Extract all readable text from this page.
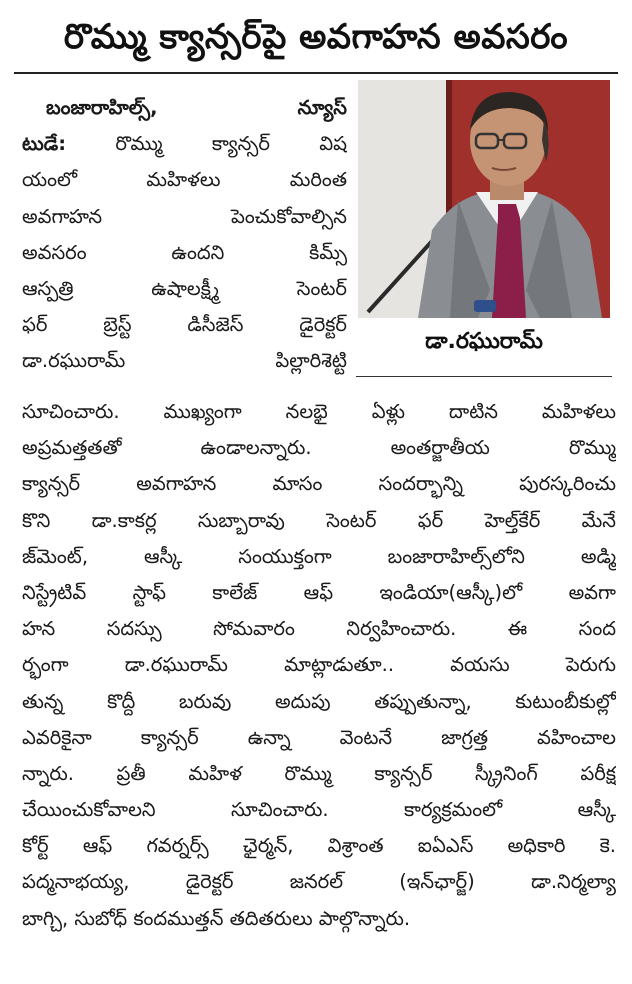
రొమ్ము క్యాన్సర్‌పై అవగాహన అవసరం
డా.రఘురామ్
బంజారాహిల్స్, న్యూస్
టుడే: రొమ్ము క్యాన్సర్ విష
యంలో మహిళలు మరింత
అవగాహన పెంచుకోవాల్సిన
అవసరం ఉందని కిమ్స్
ఆస్పత్రి ఉషాలక్ష్మీ సెంటర్
ఫర్ బ్రెస్ట్ డిసీజెస్ డైరెక్టర్
డా.రఘురామ్ పిల్లారిశెట్టి
సూచించారు. ముఖ్యంగా నలభై ఏళ్లు దాటిన మహిళలు
అప్రమత్తతతో ఉండాలన్నారు. అంతర్జాతీయ రొమ్ము
క్యాన్సర్ అవగాహన మాసం సందర్భాన్ని పురస్కరించు
కొని డా.కాకర్ల సుబ్బారావు సెంటర్ ఫర్ హెల్త్‌కేర్ మేనే
జ్‌మెంట్, ఆస్కీ సంయుక్తంగా బంజారాహిల్స్‌లోని అడ్మి
నిస్ట్రేటివ్ స్టాఫ్ కాలేజ్ ఆఫ్ ఇండియా(ఆస్కీ)లో అవగా
హన సదస్సు సోమవారం నిర్వహించారు. ఈ సంద
ర్భంగా డా.రఘురామ్ మాట్లాడుతూ.. వయసు పెరుగు
తున్న కొద్దీ బరువు అదుపు తప్పుతున్నా, కుటుంబీకుల్లో
ఎవరికైనా క్యాన్సర్ ఉన్నా వెంటనే జాగ్రత్త వహించాల
న్నారు. ప్రతీ మహిళ రొమ్ము క్యాన్సర్ స్క్రీనింగ్ పరీక్ష
చేయించుకోవాలని సూచించారు. కార్యక్రమంలో ఆస్కీ
కోర్ట్ ఆఫ్ గవర్నర్స్ ఛైర్మన్, విశ్రాంత ఐఏఎస్ అధికారి కె.
పద్మనాభయ్య, డైరెక్టర్ జనరల్ (ఇన్‌ఛార్జ్) డా.నిర్మల్యా
బాగ్చి, సుబోధ్ కందముత్తన్ తదితరులు పాల్గొన్నారు.
